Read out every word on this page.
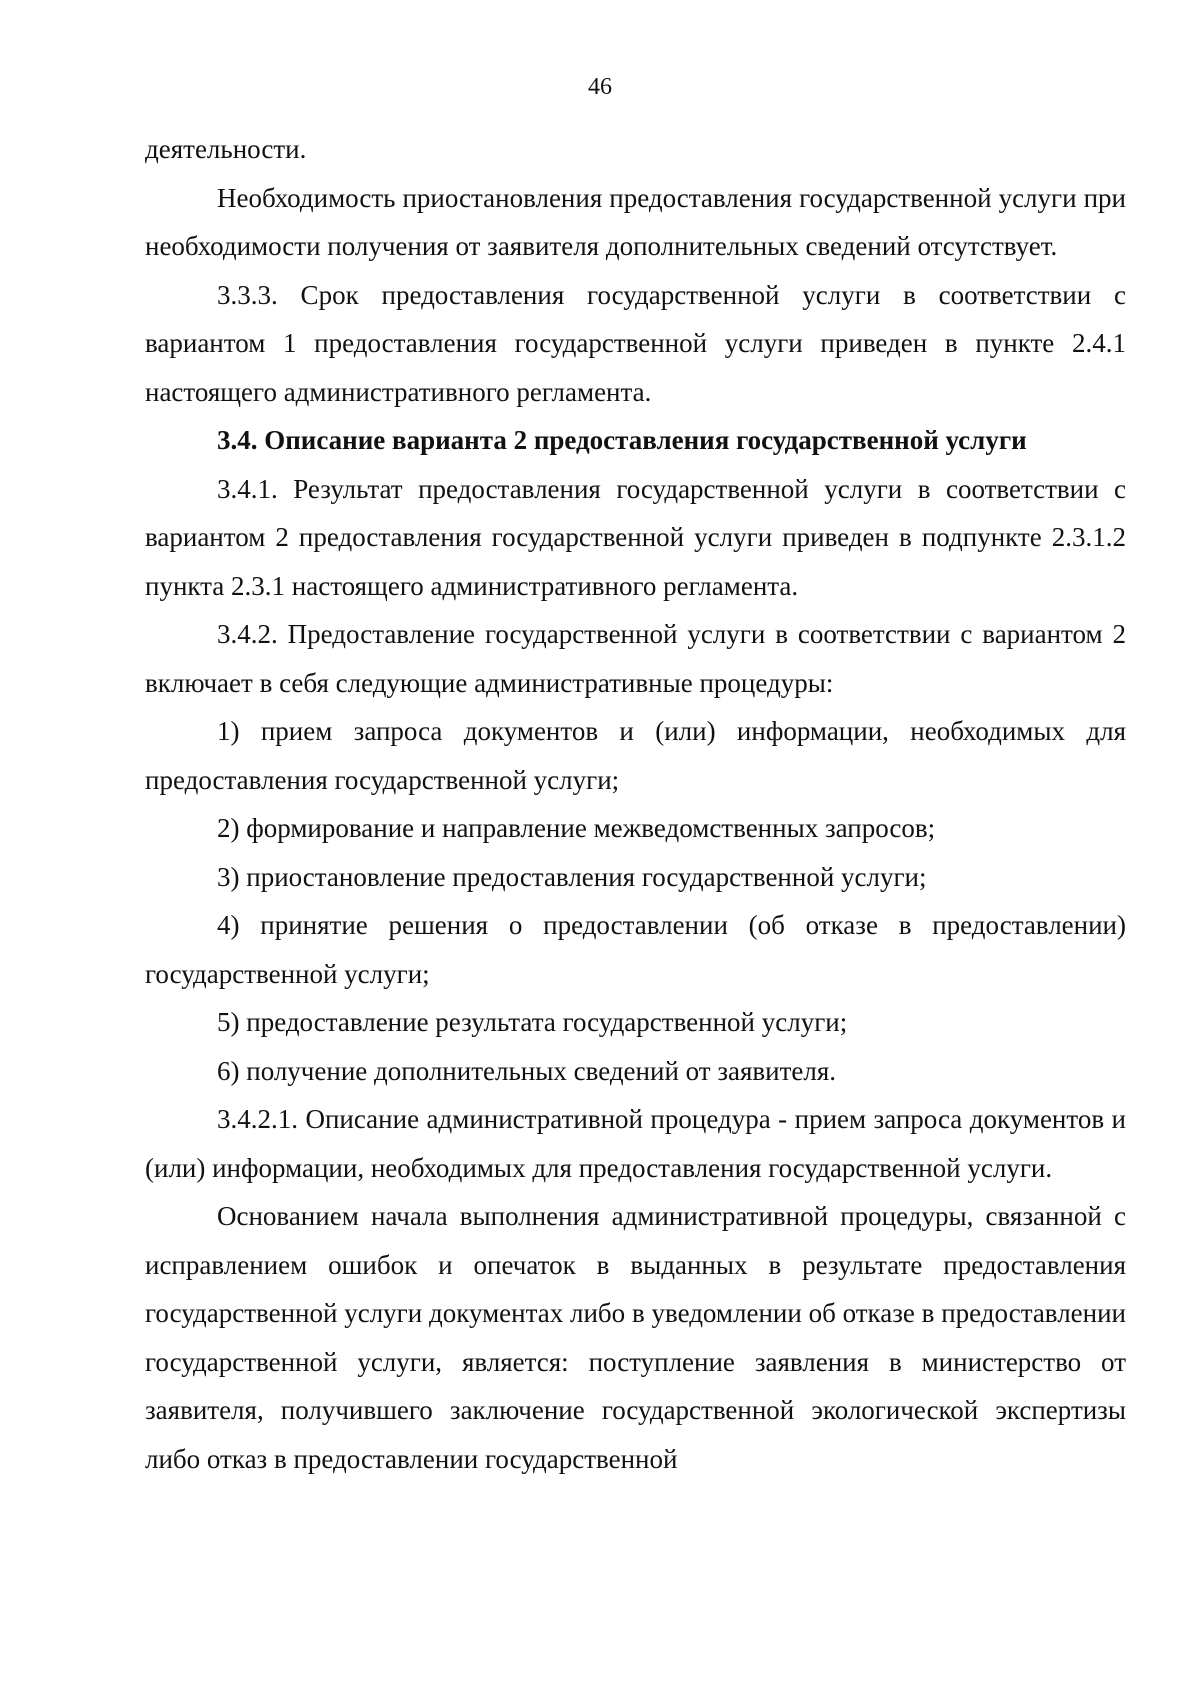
46

деятельности.

Необходимость приостановления предоставления государственной услуги при необходимости получения от заявителя дополнительных сведений отсутствует.

3.3.3. Срок предоставления государственной услуги в соответствии с вариантом 1 предоставления государственной услуги приведен в пункте 2.4.1 настоящего административного регламента.

3.4. Описание варианта 2 предоставления государственной услуги

3.4.1. Результат предоставления государственной услуги в соответствии с вариантом 2 предоставления государственной услуги приведен в подпункте 2.3.1.2 пункта 2.3.1 настоящего административного регламента.

3.4.2. Предоставление государственной услуги в соответствии с вариантом 2 включает в себя следующие административные процедуры:

1) прием запроса документов и (или) информации, необходимых для предоставления государственной услуги;

2) формирование и направление межведомственных запросов;

3) приостановление предоставления государственной услуги;

4) принятие решения о предоставлении (об отказе в предоставлении) государственной услуги;

5) предоставление результата государственной услуги;

6) получение дополнительных сведений от заявителя.

3.4.2.1. Описание административной процедура - прием запроса документов и (или) информации, необходимых для предоставления государственной услуги.

Основанием начала выполнения административной процедуры, связанной с исправлением ошибок и опечаток в выданных в результате предоставления государственной услуги документах либо в уведомлении об отказе в предоставлении государственной услуги, является: поступление заявления в министерство от заявителя, получившего заключение государственной экологической экспертизы либо отказ в предоставлении государственной
